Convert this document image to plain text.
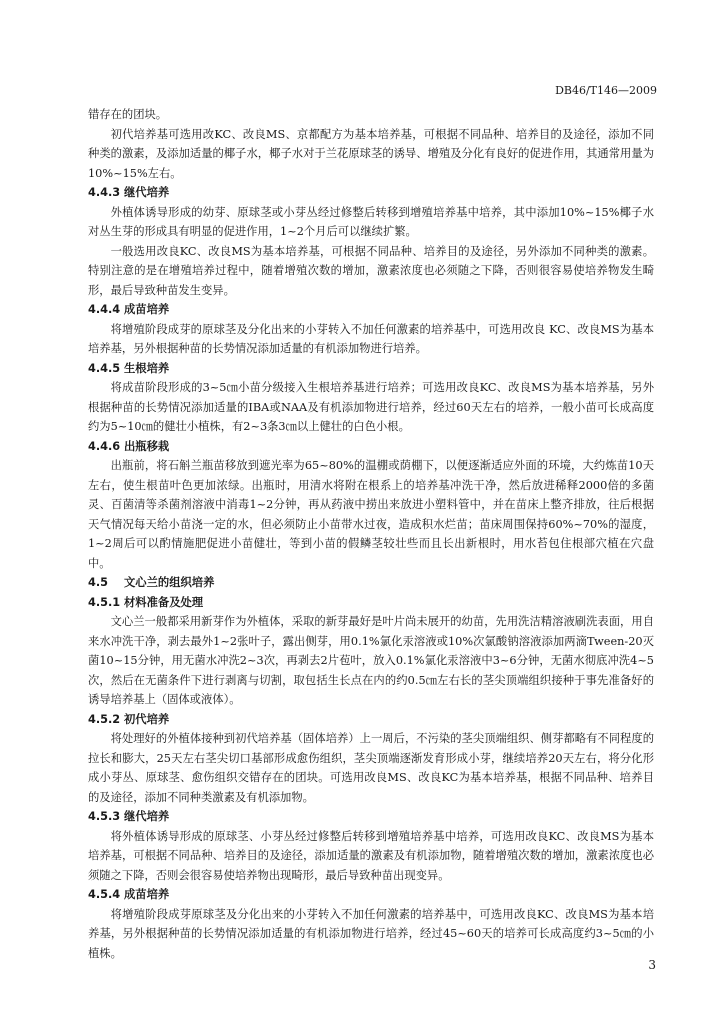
DB46/T146—2009

错存在的团块。

初代培养基可选用改KC、改良MS、京都配方为基本培养基，可根据不同品种、培养目的及途径，添加不同种类的激素，及添加适量的椰子水，椰子水对于兰花原球茎的诱导、增殖及分化有良好的促进作用，其通常用量为10%~15%左右。

4.4.3 继代培养

外植体诱导形成的幼芽、原球茎或小芽丛经过修整后转移到增殖培养基中培养，其中添加10%~15%椰子水对丛生芽的形成具有明显的促进作用，1~2个月后可以继续扩繁。

一般选用改良KC、改良MS为基本培养基，可根据不同品种、培养目的及途径，另外添加不同种类的激素。特别注意的是在增殖培养过程中，随着增殖次数的增加，激素浓度也必须随之下降，否则很容易使培养物发生畸形，最后导致种苗发生变异。

4.4.4 成苗培养

将增殖阶段成芽的原球茎及分化出来的小芽转入不加任何激素的培养基中，可选用改良 KC、改良MS为基本培养基，另外根据种苗的长势情况添加适量的有机添加物进行培养。

4.4.5 生根培养

将成苗阶段形成的3~5㎝小苗分级接入生根培养基进行培养；可选用改良KC、改良MS为基本培养基，另外根据种苗的长势情况添加适量的IBA或NAA及有机添加物进行培养，经过60天左右的培养，一般小苗可长成高度约为5~10㎝的健壮小植株，有2~3条3㎝以上健壮的白色小根。

4.4.6 出瓶移栽

出瓶前，将石斛兰瓶苗移放到遮光率为65~80%的温棚或荫棚下，以便逐渐适应外面的环境，大约炼苗10天左右，使生根苗叶色更加浓绿。出瓶时，用清水将附在根系上的培养基冲洗干净，然后放进稀释2000倍的多菌灵、百菌清等杀菌剂溶液中消毒1~2分钟，再从药液中捞出来放进小塑料管中，并在苗床上整齐排放，往后根据天气情况每天给小苗浇一定的水，但必须防止小苗带水过夜，造成积水烂苗；苗床周围保持60%~70%的湿度，1~2周后可以酌情施肥促进小苗健壮，等到小苗的假鳞茎较壮些而且长出新根时，用水苔包住根部穴植在穴盘中。

4.5 文心兰的组织培养
4.5.1 材料准备及处理

文心兰一般都采用新芽作为外植体，采取的新芽最好是叶片尚未展开的幼苗，先用洗洁精溶液刷洗表面，用自来水冲洗干净，剥去最外1~2张叶子，露出侧芽，用0.1%氯化汞溶液或10%次氯酸钠溶液添加两滴Tween-20灭菌10~15分钟，用无菌水冲洗2~3次，再剥去2片苞叶，放入0.1%氯化汞溶液中3~6分钟，无菌水彻底冲洗4~5次，然后在无菌条件下进行剥离与切割，取包括生长点在内的约0.5㎝左右长的茎尖顶端组织接种于事先准备好的诱导培养基上（固体或液体）。

4.5.2 初代培养

将处理好的外植体接种到初代培养基（固体培养）上一周后，不污染的茎尖顶端组织、侧芽都略有不同程度的拉长和膨大，25天左右茎尖切口基部形成愈伤组织，茎尖顶端逐渐发育形成小芽，继续培养20天左右，将分化形成小芽丛、原球茎、愈伤组织交错存在的团块。可选用改良MS、改良KC为基本培养基，根据不同品种、培养目的及途径，添加不同种类激素及有机添加物。

4.5.3 继代培养

将外植体诱导形成的原球茎、小芽丛经过修整后转移到增殖培养基中培养，可选用改良KC、改良MS为基本培养基，可根据不同品种、培养目的及途径，添加适量的激素及有机添加物，随着增殖次数的增加，激素浓度也必须随之下降，否则会很容易使培养物出现畸形，最后导致种苗出现变异。

4.5.4 成苗培养

将增殖阶段成芽原球茎及分化出来的小芽转入不加任何激素的培养基中，可选用改良KC、改良MS为基本培养基，另外根据种苗的长势情况添加适量的有机添加物进行培养，经过45~60天的培养可长成高度约3~5㎝的小植株。

3
